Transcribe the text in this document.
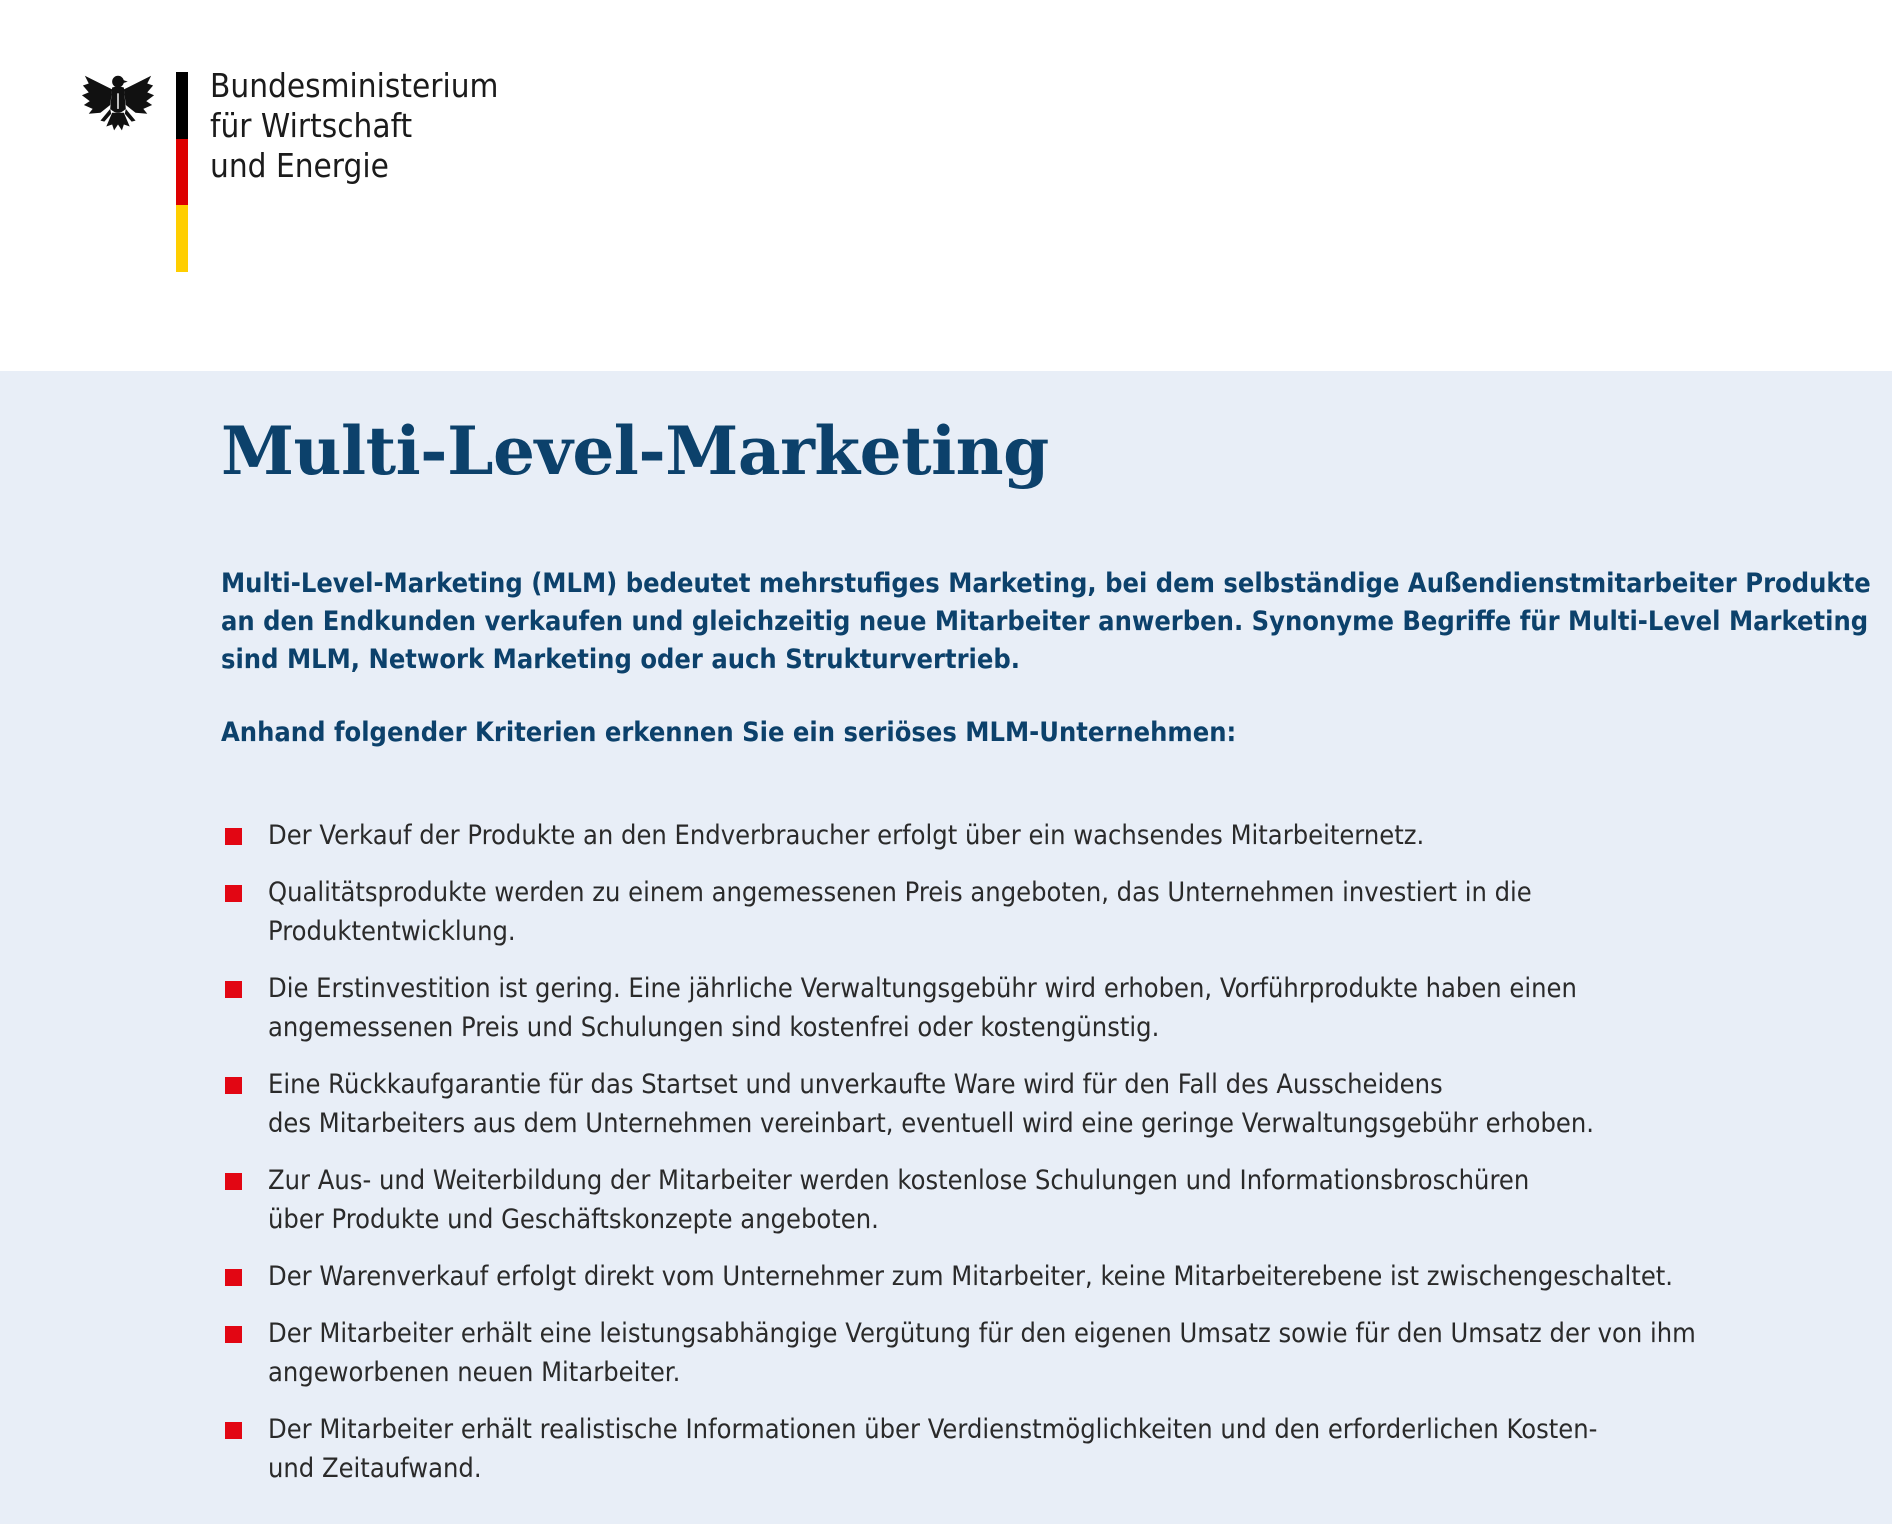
Bundesministerium
für Wirtschaft
und Energie
Multi-Level-Marketing
Multi-Level-Marketing (MLM) bedeutet mehrstufiges Marketing, bei dem selbständige Außendienstmitarbeiter Produkte
an den Endkunden verkaufen und gleichzeitig neue Mitarbeiter anwerben. Synonyme Begriffe für Multi-Level Marketing
sind MLM, Network Marketing oder auch Strukturvertrieb.
Anhand folgender Kriterien erkennen Sie ein seriöses MLM-Unternehmen:
Der Verkauf der Produkte an den Endverbraucher erfolgt über ein wachsendes Mitarbeiternetz.
Qualitätsprodukte werden zu einem angemessenen Preis angeboten, das Unternehmen investiert in die
Produktentwicklung.
Die Erstinvestition ist gering. Eine jährliche Verwaltungsgebühr wird erhoben, Vorführprodukte haben einen
angemessenen Preis und Schulungen sind kostenfrei oder kostengünstig.
Eine Rückkaufgarantie für das Startset und unverkaufte Ware wird für den Fall des Ausscheidens
des Mitarbeiters aus dem Unternehmen vereinbart, eventuell wird eine geringe Verwaltungsgebühr erhoben.
Zur Aus- und Weiterbildung der Mitarbeiter werden kostenlose Schulungen und Informationsbroschüren
über Produkte und Geschäftskonzepte angeboten.
Der Warenverkauf erfolgt direkt vom Unternehmer zum Mitarbeiter, keine Mitarbeiterebene ist zwischengeschaltet.
Der Mitarbeiter erhält eine leistungsabhängige Vergütung für den eigenen Umsatz sowie für den Umsatz der von ihm
angeworbenen neuen Mitarbeiter.
Der Mitarbeiter erhält realistische Informationen über Verdienstmöglichkeiten und den erforderlichen Kosten-
und Zeitaufwand.
